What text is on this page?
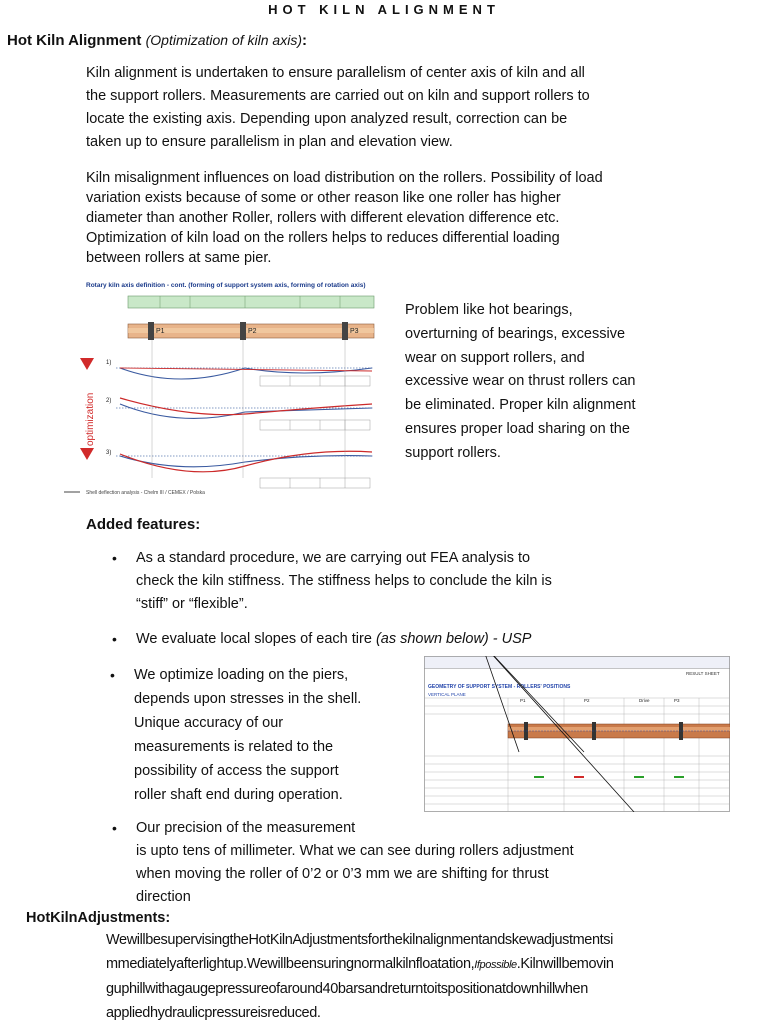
HOT KILN ALIGNMENT
Hot Kiln Alignment (Optimization of kiln axis):
Kiln alignment is undertaken to ensure parallelism of center axis of kiln and all
the support rollers. Measurements are carried out on kiln and support rollers to
locate the existing axis. Depending upon analyzed result, correction can be
taken up to ensure parallelism in plan and elevation view.
Kiln misalignment influences on load distribution on the rollers. Possibility of load
variation exists because of some or other reason like one roller has higher
diameter than another Roller, rollers with different elevation difference etc.
Optimization of kiln load on the rollers helps to reduces differential loading
between rollers at same pier.
Rotary kiln axis definition - cont. (forming of support system axis, forming of rotation axis)
P1	P2	P3
optimization
1)
2)
3)
Shell deflection analysis - Chelm III / CEMEX / Polska
Problem like hot bearings,
overturning of bearings, excessive
wear on support rollers, and
excessive wear on thrust rollers can
be eliminated. Proper kiln alignment
ensures proper load sharing on the
support rollers.
Added features:
• As a standard procedure, we are carrying out FEA analysis to
check the kiln stiffness. The stiffness helps to conclude the kiln is
“stiff” or “flexible”.
• We evaluate local slopes of each tire (as shown below) - USP
• We optimize loading on the piers,
depends upon stresses in the shell.
Unique accuracy of our
measurements is related to the
possibility of access the support
roller shaft end during operation.
RESULT SHEET
GEOMETRY OF SUPPORT SYSTEM - ROLLERS' POSITIONS
VERTICAL PLANE
P1	P2	Drive	P3
• Our precision of the measurement
is upto tens of millimeter. What we can see during rollers adjustment
when moving the roller of 0’2 or 0’3 mm we are shifting for thrust
direction
HotKilnAdjustments:
WewillbesupervisingtheHotKilnAdjustmentsforthekilnalignmentandskewadjustmentsi
mmediatelyafterlightup.Wewillbeensuringnormalkilnfloatation,Ifpossible.Kilnwillbemovin
guphillwithagaugepressureofaround40barsandreturntoitspositionatdownhillwhen
appliedhydraulicpressureisreduced.
